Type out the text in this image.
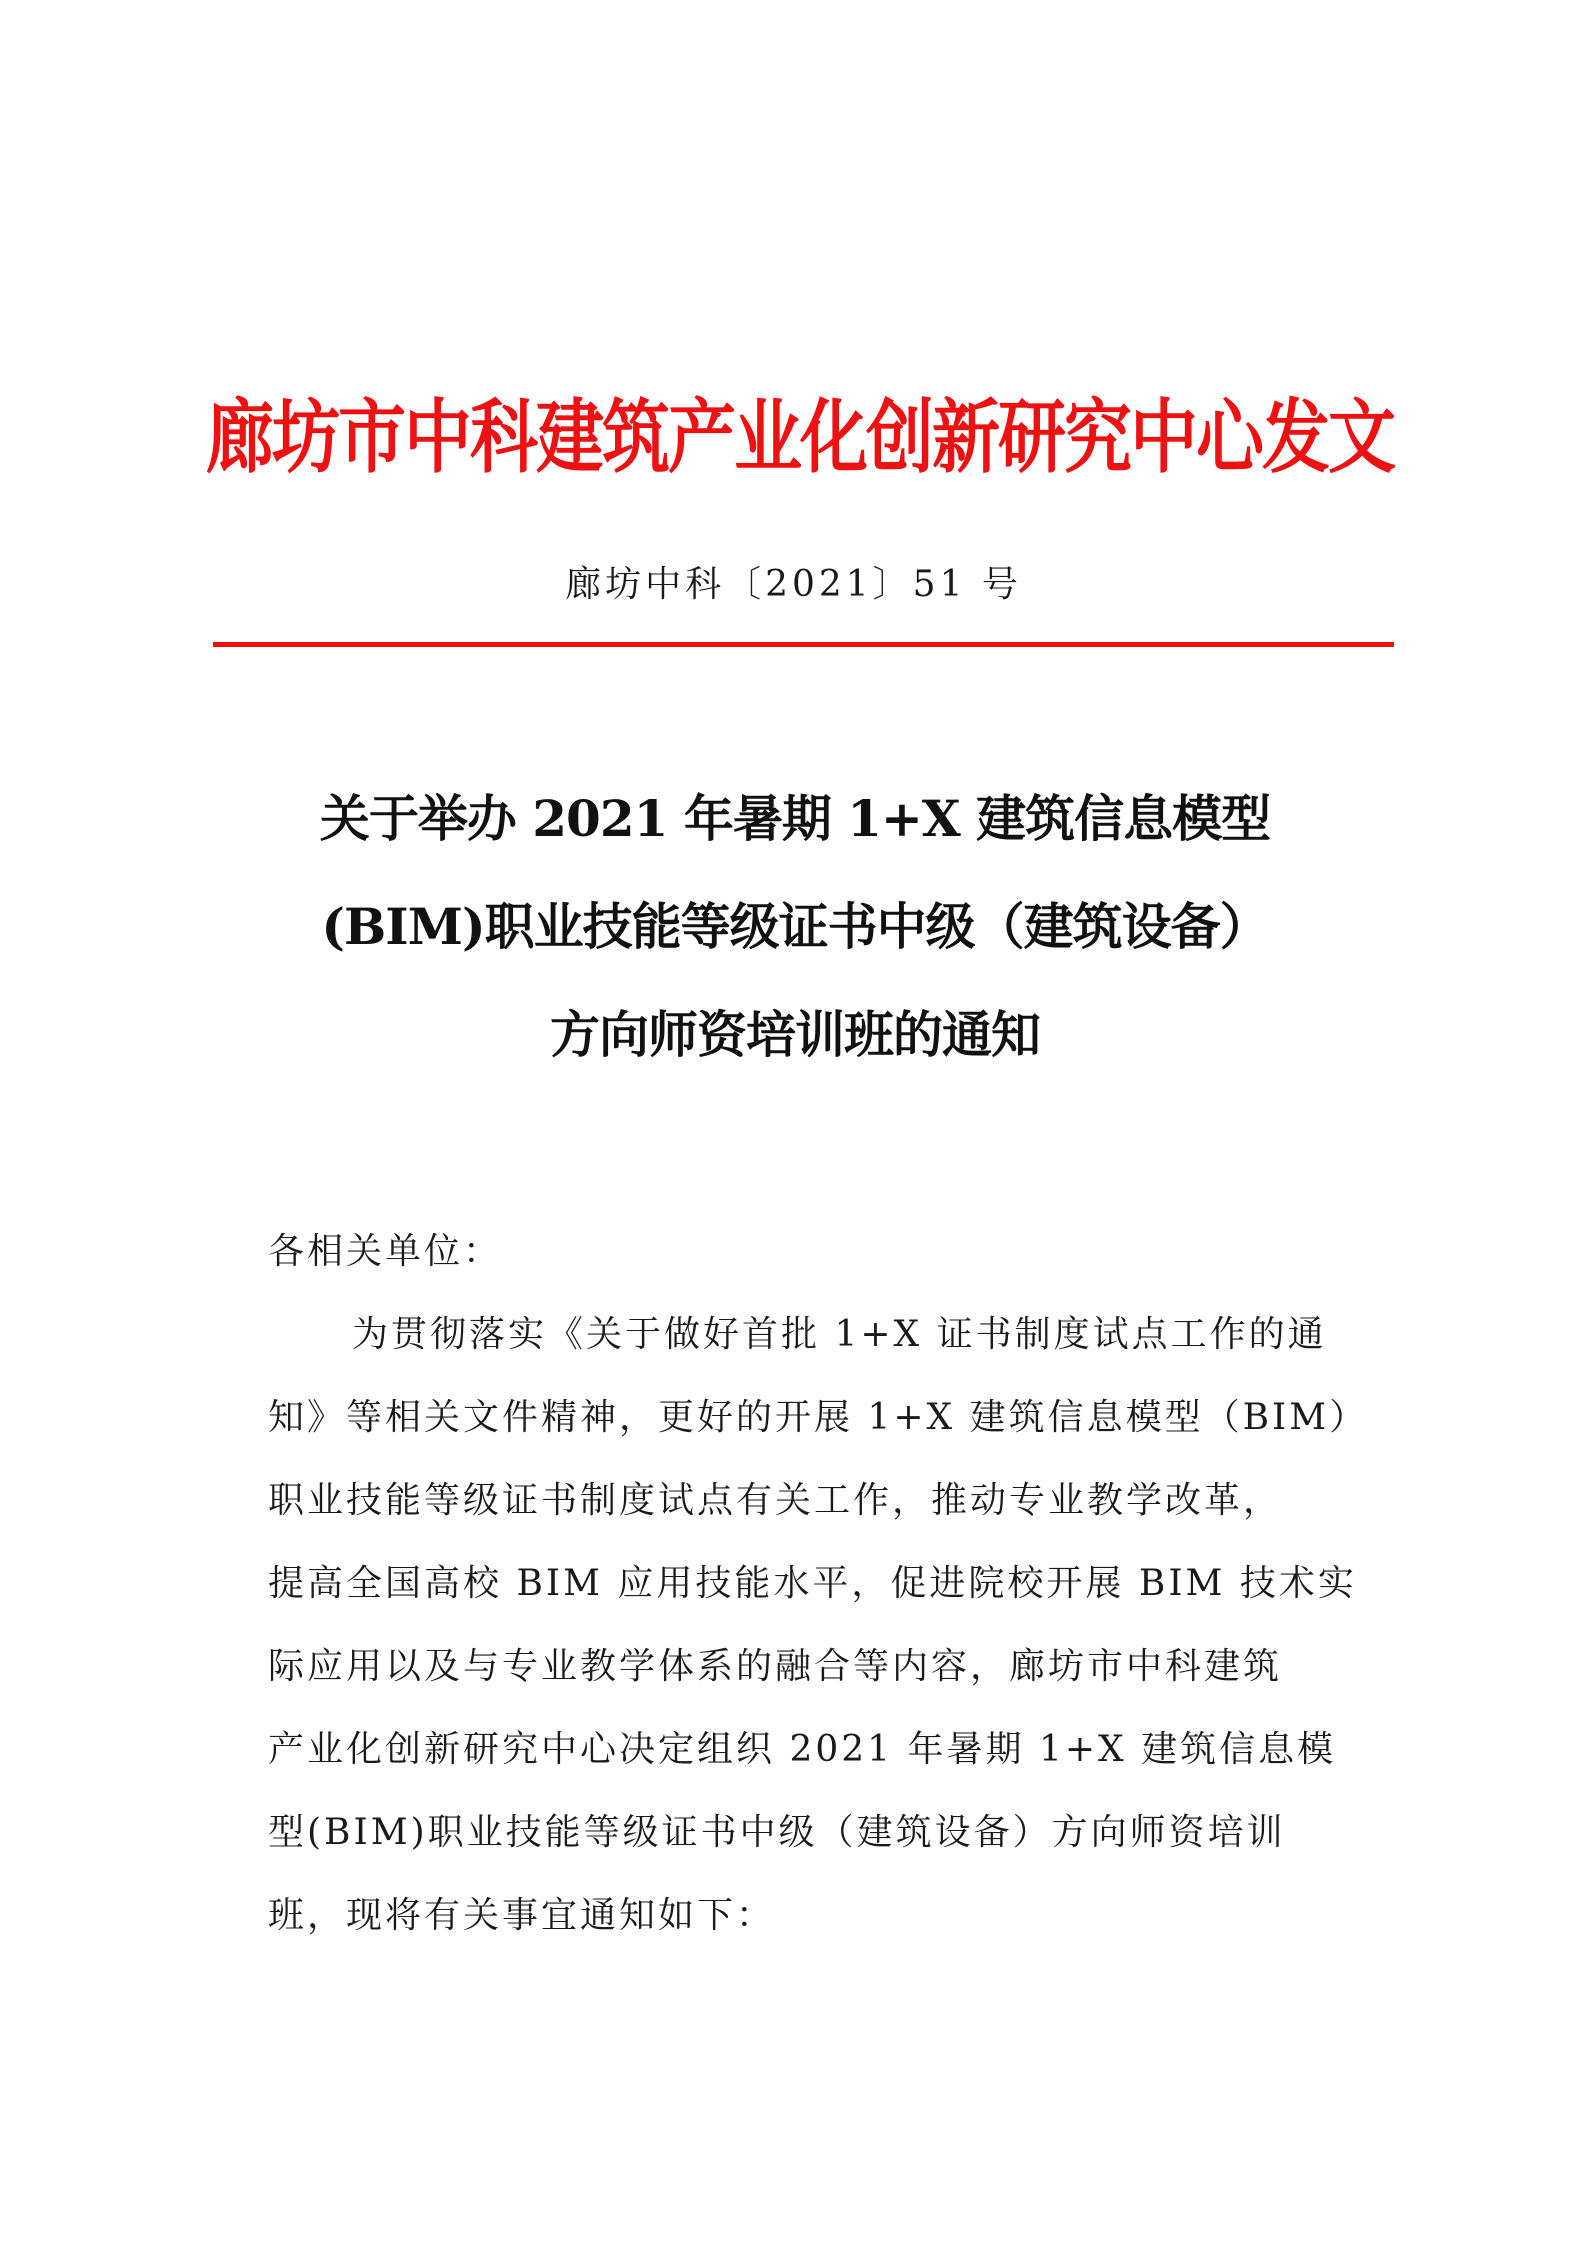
廊坊市中科建筑产业化创新研究中心发文
廊坊中科〔2021〕51 号
关于举办 2021 年暑期 1+X 建筑信息模型
(BIM)职业技能等级证书中级（建筑设备）
方向师资培训班的通知
各相关单位：
为贯彻落实《关于做好首批 1+X 证书制度试点工作的通
知》等相关文件精神，更好的开展 1+X 建筑信息模型（BIM）
职业技能等级证书制度试点有关工作，推动专业教学改革，
提高全国高校 BIM 应用技能水平，促进院校开展 BIM 技术实
际应用以及与专业教学体系的融合等内容，廊坊市中科建筑
产业化创新研究中心决定组织 2021 年暑期 1+X 建筑信息模
型(BIM)职业技能等级证书中级（建筑设备）方向师资培训
班，现将有关事宜通知如下：
